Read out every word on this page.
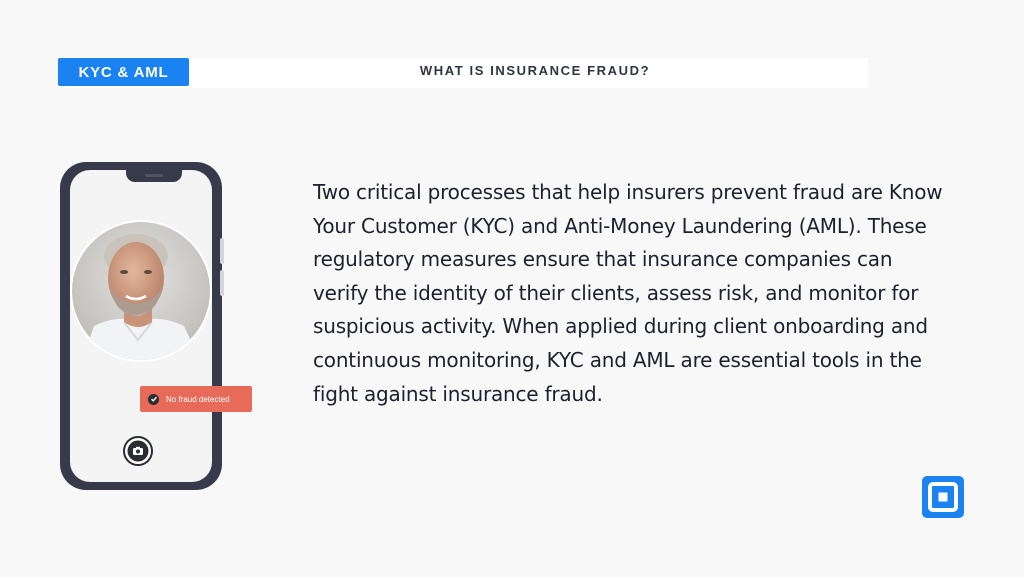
KYC & AML	WHAT IS INSURANCE FRAUD?
No fraud detected
Two critical processes that help insurers prevent fraud are Know Your Customer (KYC) and Anti-Money Laundering (AML). These regulatory measures ensure that insurance companies can verify the identity of their clients, assess risk, and monitor for suspicious activity. When applied during client onboarding and continuous monitoring, KYC and AML are essential tools in the fight against insurance fraud.
